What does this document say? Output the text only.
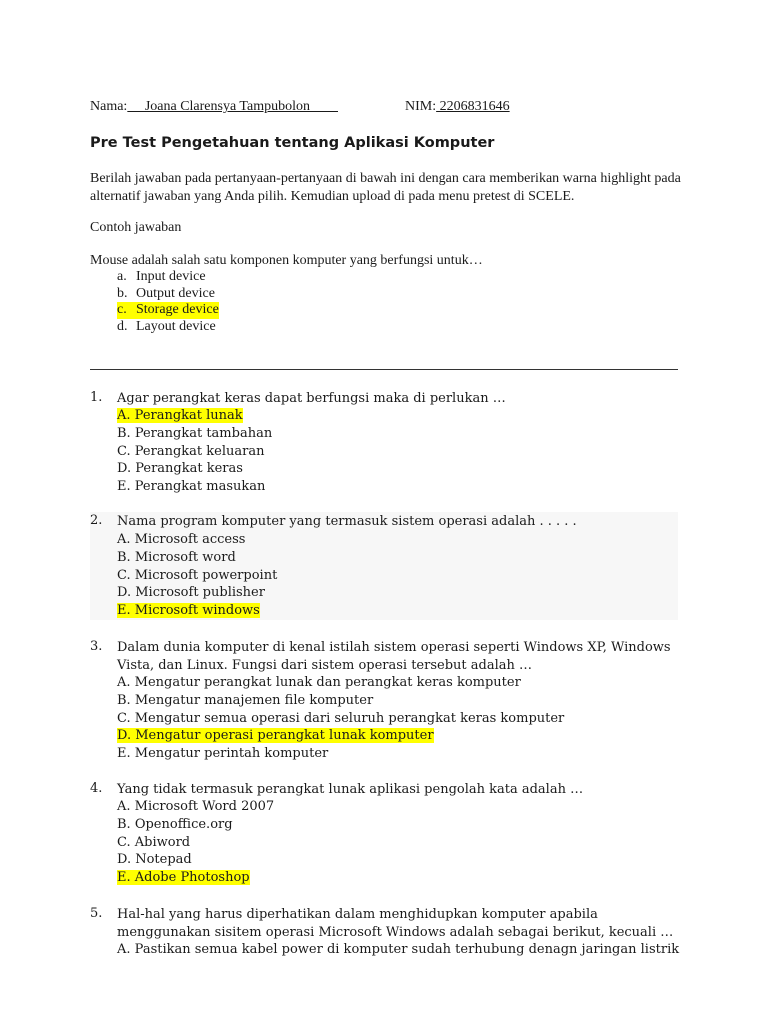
Nama:     Joana Clarensya Tampubolon	NIM: 2206831646
Pre Test Pengetahuan tentang Aplikasi Komputer
Berilah jawaban pada pertanyaan-pertanyaan di bawah ini dengan cara memberikan warna highlight pada alternatif jawaban yang Anda pilih. Kemudian upload di pada menu pretest di SCELE.
Contoh jawaban
Mouse adalah salah satu komponen komputer yang berfungsi untuk…
a. Input device
b. Output device
c. Storage device
d. Layout device
1.	Agar perangkat keras dapat berfungsi maka di perlukan …
A. Perangkat lunak
B. Perangkat tambahan
C. Perangkat keluaran
D. Perangkat keras
E. Perangkat masukan
2.	Nama program komputer yang termasuk sistem operasi adalah . . . . .
A. Microsoft access
B. Microsoft word
C. Microsoft powerpoint
D. Microsoft publisher
E. Microsoft windows
3.	Dalam dunia komputer di kenal istilah sistem operasi seperti Windows XP, Windows Vista, dan Linux. Fungsi dari sistem operasi tersebut adalah …
A. Mengatur perangkat lunak dan perangkat keras komputer
B. Mengatur manajemen file komputer
C. Mengatur semua operasi dari seluruh perangkat keras komputer
D. Mengatur operasi perangkat lunak komputer
E. Mengatur perintah komputer
4.	Yang tidak termasuk perangkat lunak aplikasi pengolah kata adalah …
A. Microsoft Word 2007
B. Openoffice.org
C. Abiword
D. Notepad
E. Adobe Photoshop
5.	Hal-hal yang harus diperhatikan dalam menghidupkan komputer apabila menggunakan sisitem operasi Microsoft Windows adalah sebagai berikut, kecuali …
A. Pastikan semua kabel power di komputer sudah terhubung denagn jaringan listrik
